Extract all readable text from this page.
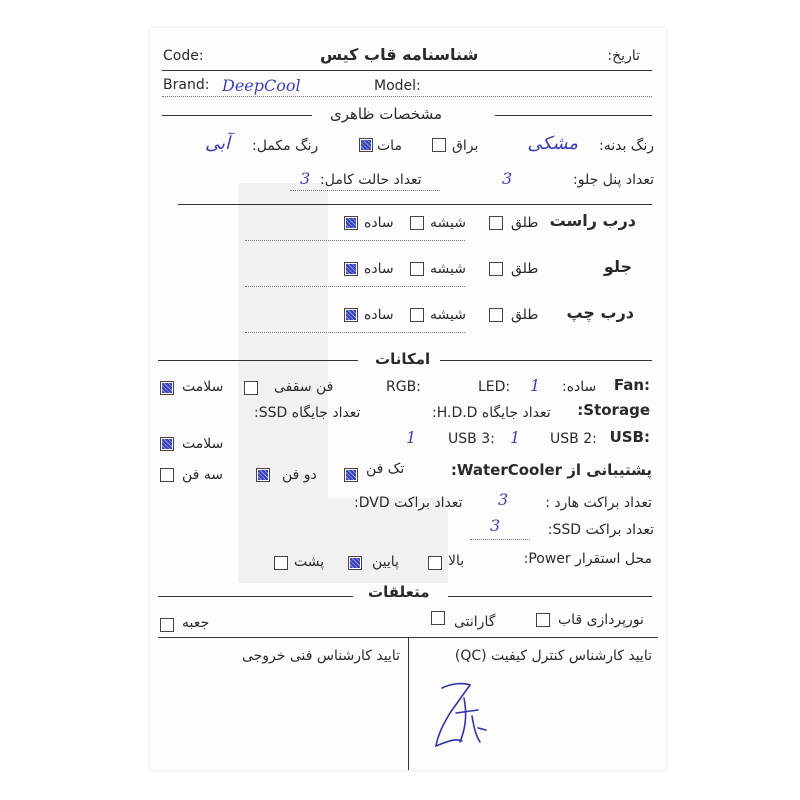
تاریخ:
شناسنامه قاب کیس
Code:
Brand: DeepCool	Model:
مشخصات ظاهری
رنگ بدنه:
مشکی
براق
مات
رنگ مکمل:
آبی
تعداد پنل جلو:
3
تعداد حالت کامل:
3
درب راست
طلق
شیشه
ساده
جلو
طلق
شیشه
ساده
درب چپ
طلق
شیشه
ساده
امکانات
Fan:
ساده:
1
LED:
RGB:
فن سقفی
سلامت
Storage:
تعداد جایگاه H.D.D:
تعداد جایگاه SSD:
USB:
USB 2:
1
USB 3:
1
سلامت
پشتیبانی از WaterCooler:
تک فن
دو فن
سه فن
تعداد براکت هارد :
3
تعداد براکت DVD:
تعداد براکت SSD:
3
محل استقرار Power:
بالا
پایین
پشت
متعلقات
نورپردازی قاب
گارانتی
جعبه
تایید کارشناس کنترل کیفیت (QC)
تایید کارشناس فنی خروجی
